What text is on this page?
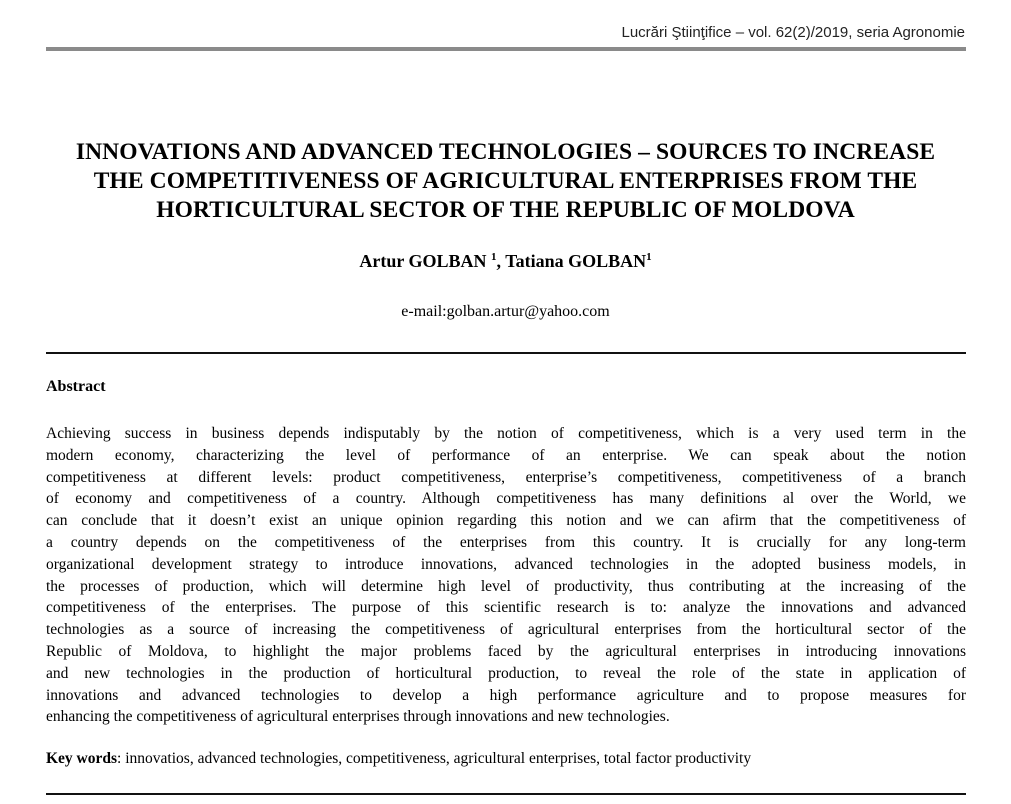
Lucrări Ştiinţifice – vol. 62(2)/2019, seria Agronomie
INNOVATIONS AND ADVANCED TECHNOLOGIES – SOURCES TO INCREASE
THE COMPETITIVENESS OF AGRICULTURAL ENTERPRISES FROM THE
HORTICULTURAL SECTOR OF THE REPUBLIC OF MOLDOVA
Artur GOLBAN $^1$, Tatiana GOLBAN$^1$
e-mail:golban.artur@yahoo.com
Abstract

Achieving success in business depends indisputably by the notion of competitiveness, which is a very used term in the
modern economy, characterizing the level of performance of an enterprise. We can speak about the notion
competitiveness at different levels: product competitiveness, enterprise’s competitiveness, competitiveness of a branch
of economy and competitiveness of a country. Although competitiveness has many definitions al over the World, we
can conclude that it doesn’t exist an unique opinion regarding this notion and we can afirm that the competitiveness of
a country depends on the competitiveness of the enterprises from this country. It is crucially for any long-term
organizational development strategy to introduce innovations, advanced technologies in the adopted business models, in
the processes of production, which will determine high level of productivity, thus contributing at the increasing of the
competitiveness of the enterprises. The purpose of this scientific research is to: analyze the innovations and advanced
technologies as a source of increasing the competitiveness of agricultural enterprises from the horticultural sector of the
Republic of Moldova, to highlight the major problems faced by the agricultural enterprises in introducing innovations
and new technologies in the production of horticultural production, to reveal the role of the state in application of
innovations and advanced technologies to develop a high performance agriculture and to propose measures for
enhancing the competitiveness of agricultural enterprises through innovations and new technologies.

Key words: innovatios, advanced technologies, competitiveness, agricultural enterprises, total factor productivity
